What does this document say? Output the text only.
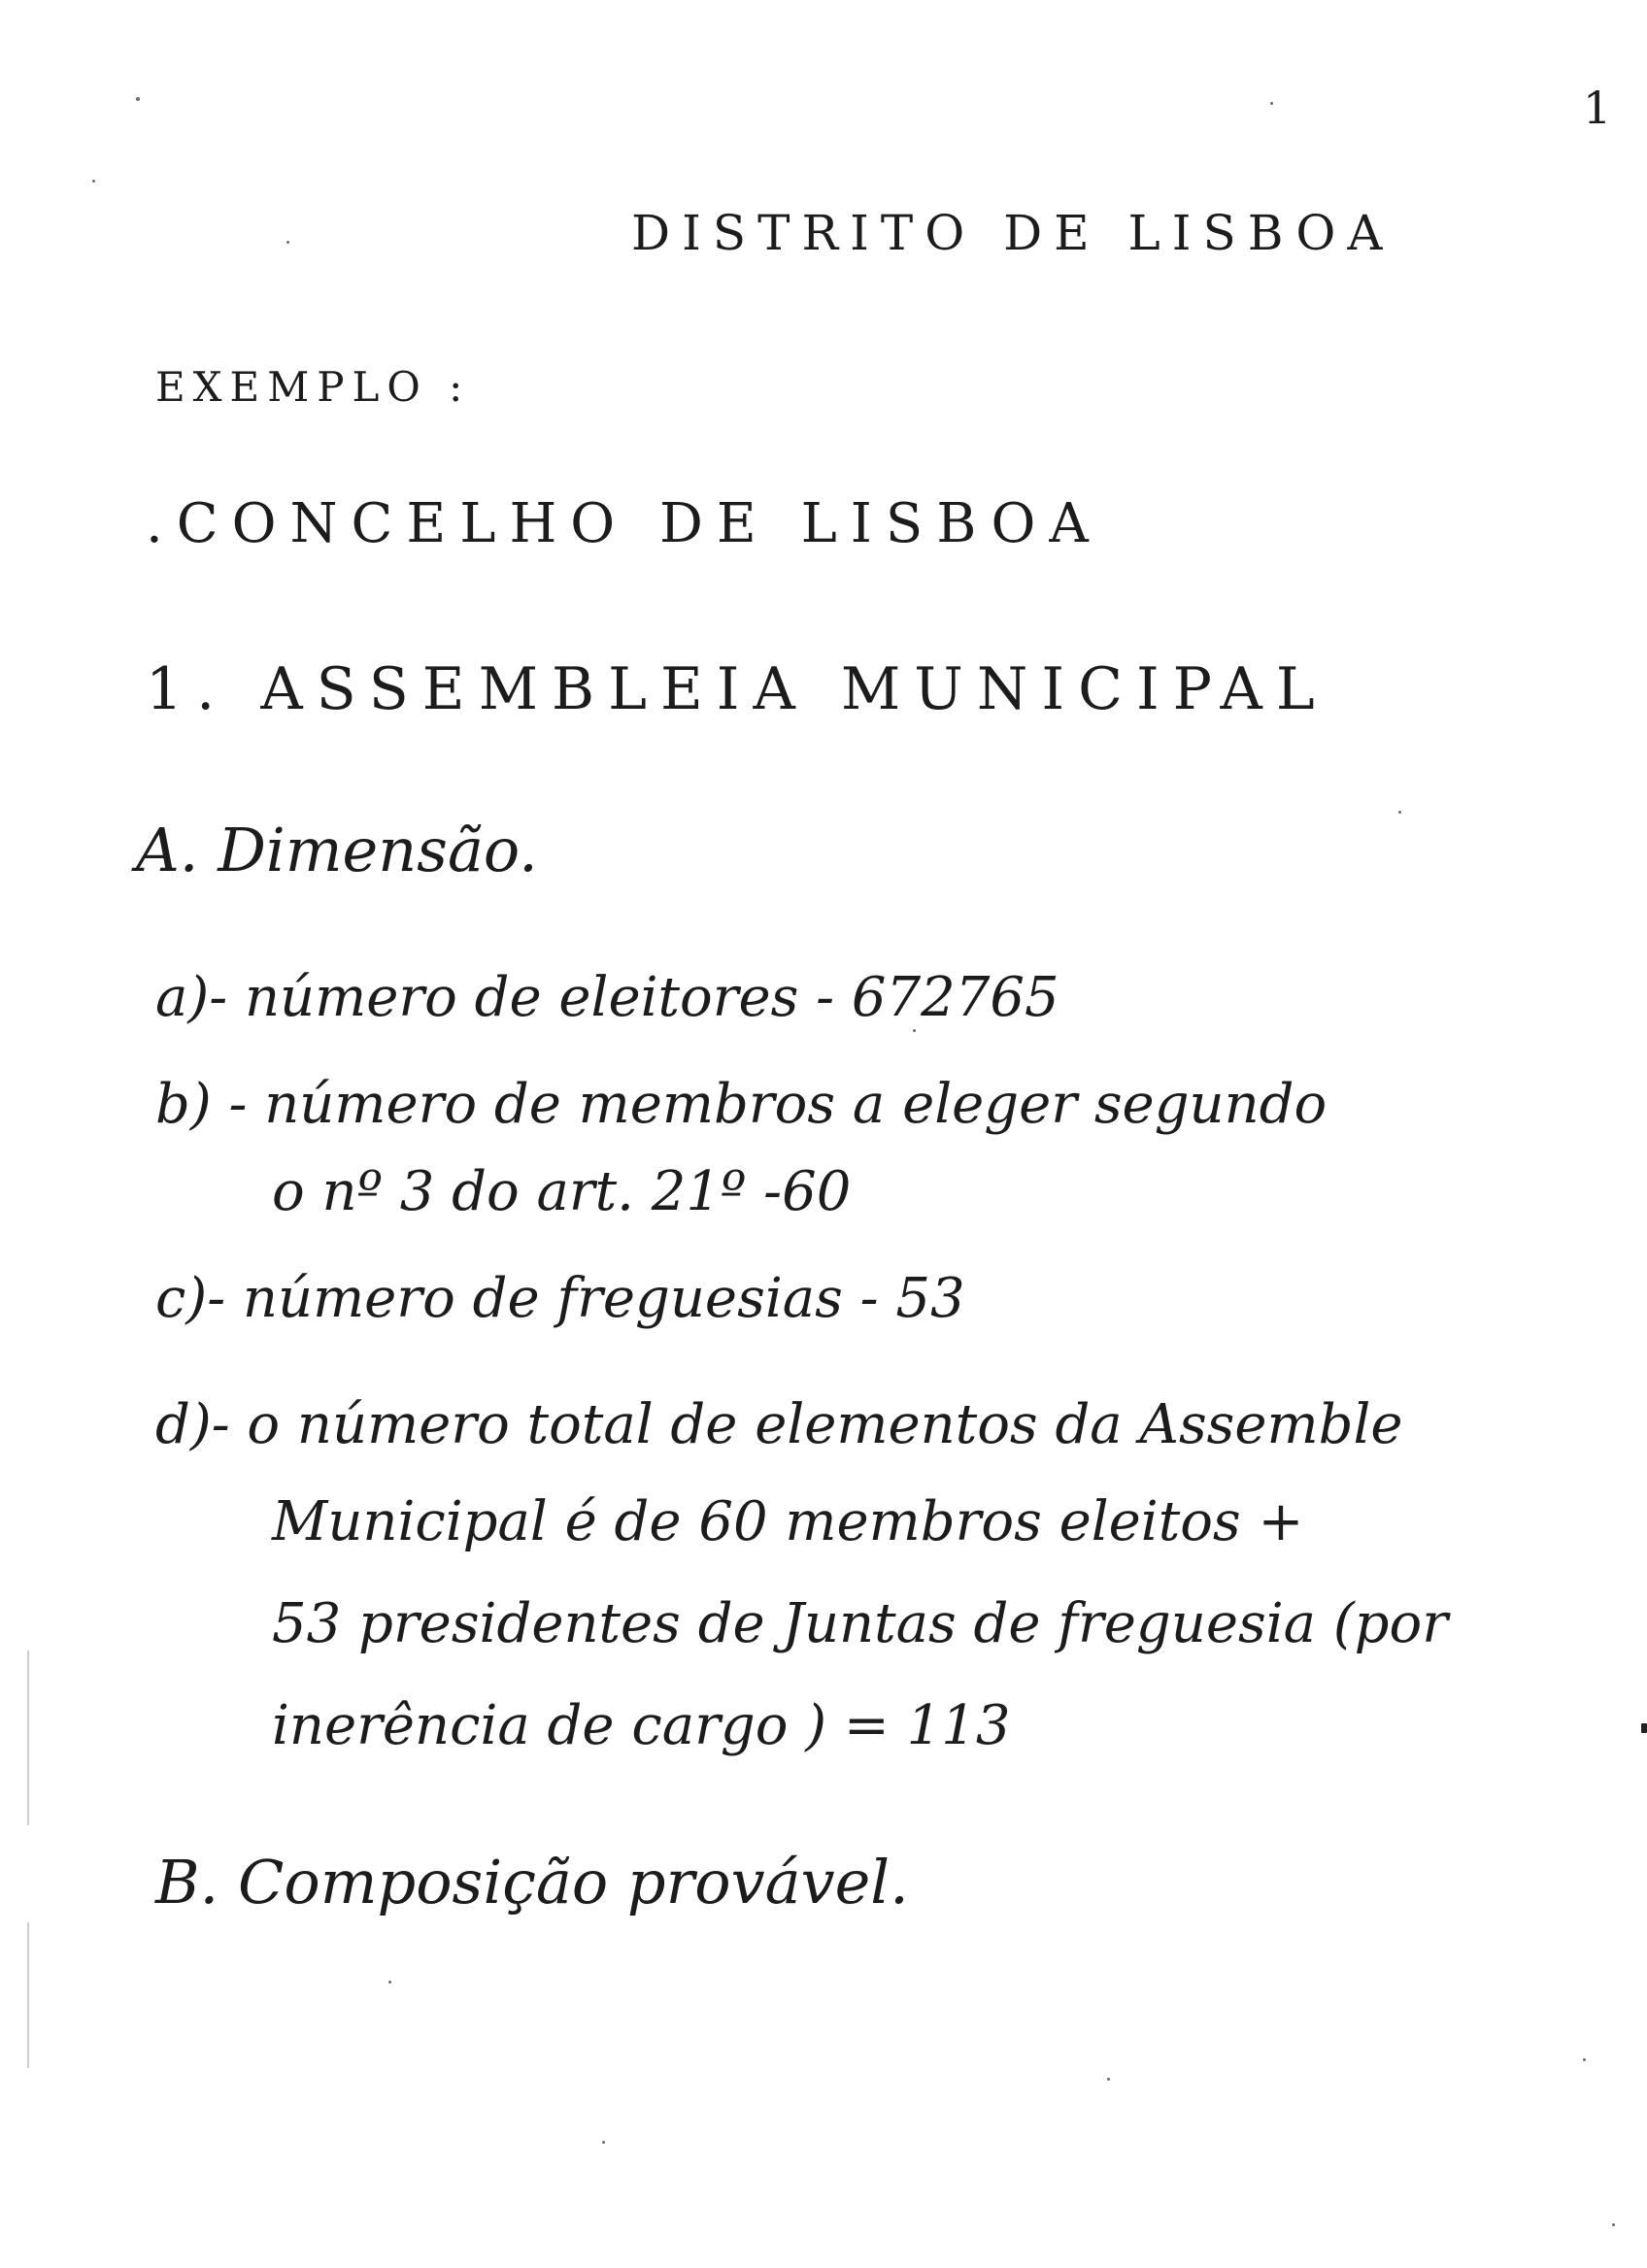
1
DISTRITO DE LISBOA
EXEMPLO :
.CONCELHO DE LISBOA
1. ASSEMBLEIA MUNICIPAL
A. Dimensão.
a)- número de eleitores - 672765
b) - número de membros a eleger segundo
o nº 3 do art. 21º -60
c)- número de freguesias - 53
d)- o número total de elementos da Assemble
Municipal é de 60 membros eleitos +
53 presidentes de Juntas de freguesia (por
inerência de cargo ) = 113
B. Composição provável.
